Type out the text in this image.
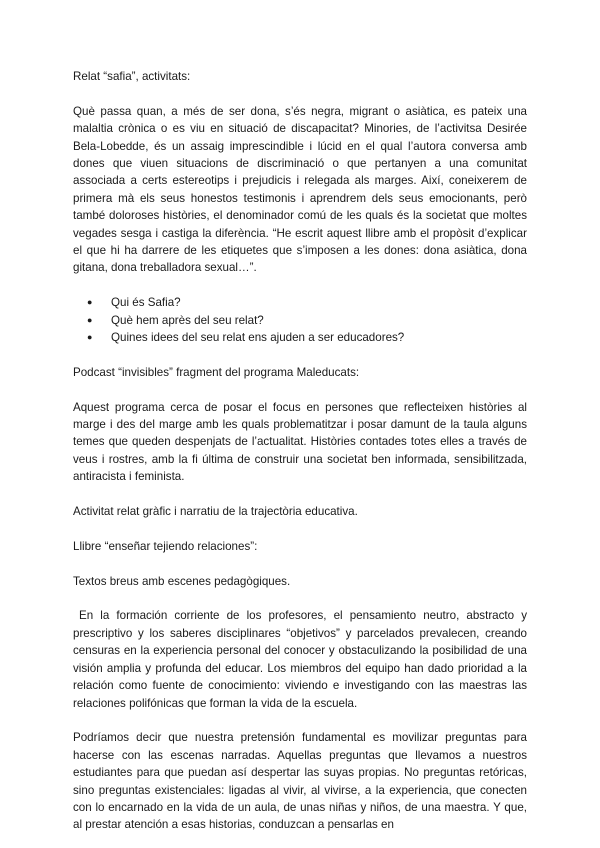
Relat “safia”, activitats:

Què passa quan, a més de ser dona, s’és negra, migrant o asiàtica, es pateix una malaltia crònica o es viu en situació de discapacitat? Minories, de l’activitsa Desirée Bela-Lobedde, és un assaig imprescindible i lúcid en el qual l’autora conversa amb dones que viuen situacions de discriminació o que pertanyen a una comunitat associada a certs estereotips i prejudicis i relegada als marges. Així, coneixerem de primera mà els seus honestos testimonis i aprendrem dels seus emocionants, però també doloroses històries, el denominador comú de les quals és la societat que moltes vegades sesga i castiga la diferència. “He escrit aquest llibre amb el propòsit d’explicar el que hi ha darrere de les etiquetes que s’imposen a les dones: dona asiàtica, dona gitana, dona treballadora sexual…”.

● Qui és Safia?
● Què hem après del seu relat?
● Quines idees del seu relat ens ajuden a ser educadores?

Podcast “invisibles” fragment del programa Maleducats:

Aquest programa cerca de posar el focus en persones que reflecteixen històries al marge i des del marge amb les quals problematitzar i posar damunt de la taula alguns temes que queden despenjats de l’actualitat. Històries contades totes elles a través de veus i rostres, amb la fi última de construir una societat ben informada, sensibilitzada, antiracista i feminista.

Activitat relat gràfic i narratiu de la trajectòria educativa.

Llibre “enseñar tejiendo relaciones”:

Textos breus amb escenes pedagògiques.

En la formación corriente de los profesores, el pensamiento neutro, abstracto y prescriptivo y los saberes disciplinares “objetivos” y parcelados prevalecen, creando censuras en la experiencia personal del conocer y obstaculizando la posibilidad de una visión amplia y profunda del educar. Los miembros del equipo han dado prioridad a la relación como fuente de conocimiento: viviendo e investigando con las maestras las relaciones polifónicas que forman la vida de la escuela.

Podríamos decir que nuestra pretensión fundamental es movilizar preguntas para hacerse con las escenas narradas. Aquellas preguntas que llevamos a nuestros estudiantes para que puedan así despertar las suyas propias. No preguntas retóricas, sino preguntas existenciales: ligadas al vivir, al vivirse, a la experiencia, que conecten con lo encarnado en la vida de un aula, de unas niñas y niños, de una maestra. Y que, al prestar atención a esas historias, conduzcan a pensarlas en
